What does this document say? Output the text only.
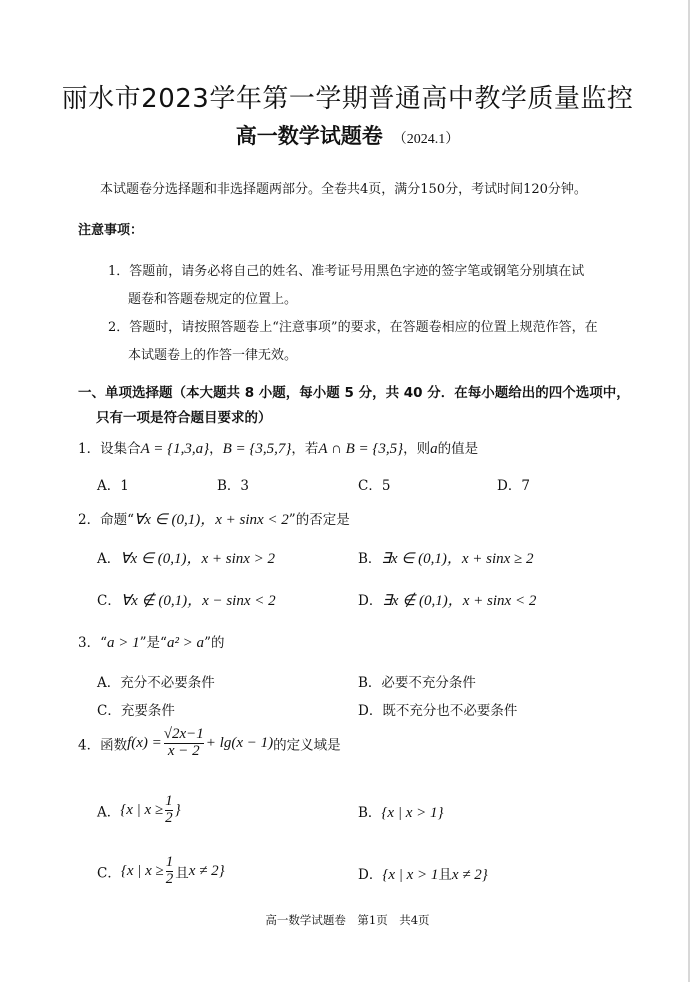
丽水市2023学年第一学期普通高中教学质量监控
高一数学试题卷 （2024.1）
本试题卷分选择题和非选择题两部分。全卷共4页，满分150分，考试时间120分钟。
注意事项：
1．答题前，请务必将自己的姓名、准考证号用黑色字迹的签字笔或钢笔分别填在试
题卷和答题卷规定的位置上。
2．答题时，请按照答题卷上“注意事项”的要求，在答题卷相应的位置上规范作答，在
本试题卷上的作答一律无效。
一、单项选择题（本大题共 8 小题，每小题 5 分，共 40 分．在每小题给出的四个选项中，
只有一项是符合题目要求的）
1．设集合A = {1,3,a}，B = {3,5,7}，若A ∩ B = {3,5}，则a的值是
A．1	B．3	C．5	D．7
2．命题“∀x ∈ (0,1)，x + sinx < 2”的否定是
A．∀x ∈ (0,1)，x + sinx > 2	B．∃x ∈ (0,1)，x + sinx ≥ 2
C．∀x ∉ (0,1)，x − sinx < 2	D．∃x ∉ (0,1)，x + sinx < 2
3．“a > 1”是“a² > a”的
A．充分不必要条件	B．必要不充分条件
C．充要条件	D．既不充分也不必要条件
4．函数$f(x) = \frac{√2x-1}{x - 2} + \lg(x - 1)$的定义域是
A．{x | $x \ge \frac{1}{2}$ }	B．{x | x > 1}
C．{x | $x \ge \frac{1}{2}$ 且x ≠ 2}	D．{x | x > 1且x ≠ 2}
高一数学试题卷　第1页　共4页
